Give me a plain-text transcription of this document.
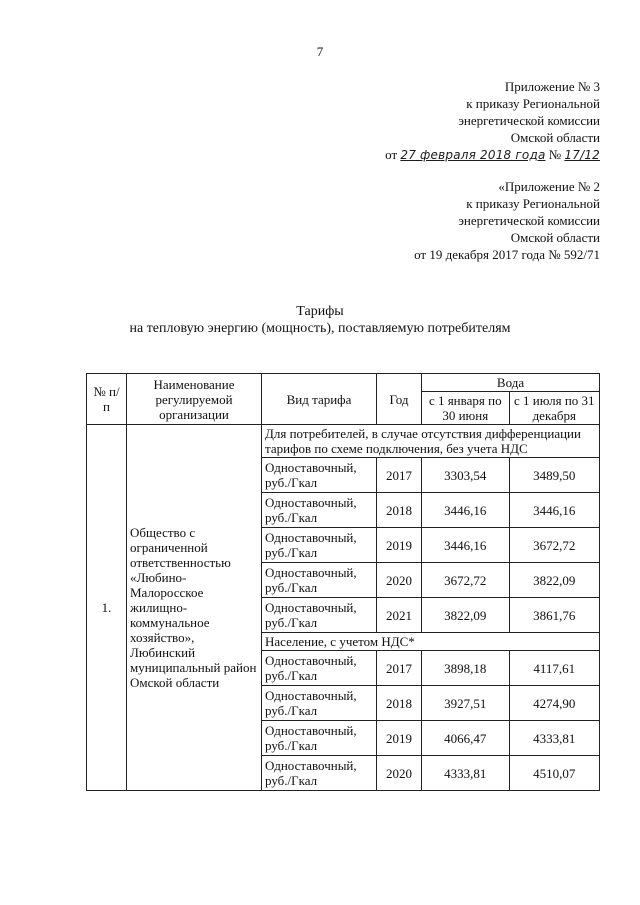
7
Приложение № 3
к приказу Региональной
энергетической комиссии
Омской области
от 27 февраля 2018 года № 17/12
«Приложение № 2
к приказу Региональной
энергетической комиссии
Омской области
от 19 декабря 2017 года № 592/71
Тарифы
на тепловую энергию (мощность), поставляемую потребителям
№ п/п	Наименование регулируемой организации	Вид тарифа	Год	Вода	
				с 1 января по 30 июня	с 1 июля по 31 декабря
1.	Общество с ограниченной ответственностью «Любино-Малоросское жилищно-коммунальное хозяйство», Любинский муниципальный район Омской области	Для потребителей, в случае отсутствия дифференциации тарифов по схеме подключения, без учета НДС			
		Одноставочный, руб./Гкал	2017	3303,54	3489,50
		Одноставочный, руб./Гкал	2018	3446,16	3446,16
		Одноставочный, руб./Гкал	2019	3446,16	3672,72
		Одноставочный, руб./Гкал	2020	3672,72	3822,09
		Одноставочный, руб./Гкал	2021	3822,09	3861,76
		Население, с учетом НДС*			
		Одноставочный, руб./Гкал	2017	3898,18	4117,61
		Одноставочный, руб./Гкал	2018	3927,51	4274,90
		Одноставочный, руб./Гкал	2019	4066,47	4333,81
		Одноставочный, руб./Гкал	2020	4333,81	4510,07
